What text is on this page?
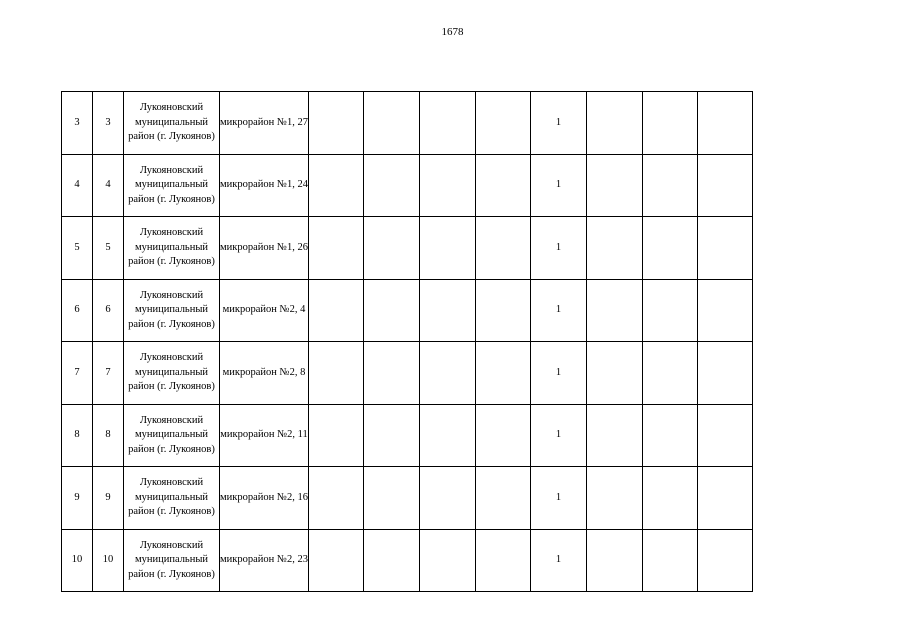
1678
3	3	Лукояновский муниципальный район (г. Лукоянов)	микрорайон №1, 27					1			
4	4	Лукояновский муниципальный район (г. Лукоянов)	микрорайон №1, 24					1			
5	5	Лукояновский муниципальный район (г. Лукоянов)	микрорайон №1, 26					1			
6	6	Лукояновский муниципальный район (г. Лукоянов)	микрорайон №2, 4					1			
7	7	Лукояновский муниципальный район (г. Лукоянов)	микрорайон №2, 8					1			
8	8	Лукояновский муниципальный район (г. Лукоянов)	микрорайон №2, 11					1			
9	9	Лукояновский муниципальный район (г. Лукоянов)	микрорайон №2, 16					1			
10	10	Лукояновский муниципальный район (г. Лукоянов)	микрорайон №2, 23					1			
